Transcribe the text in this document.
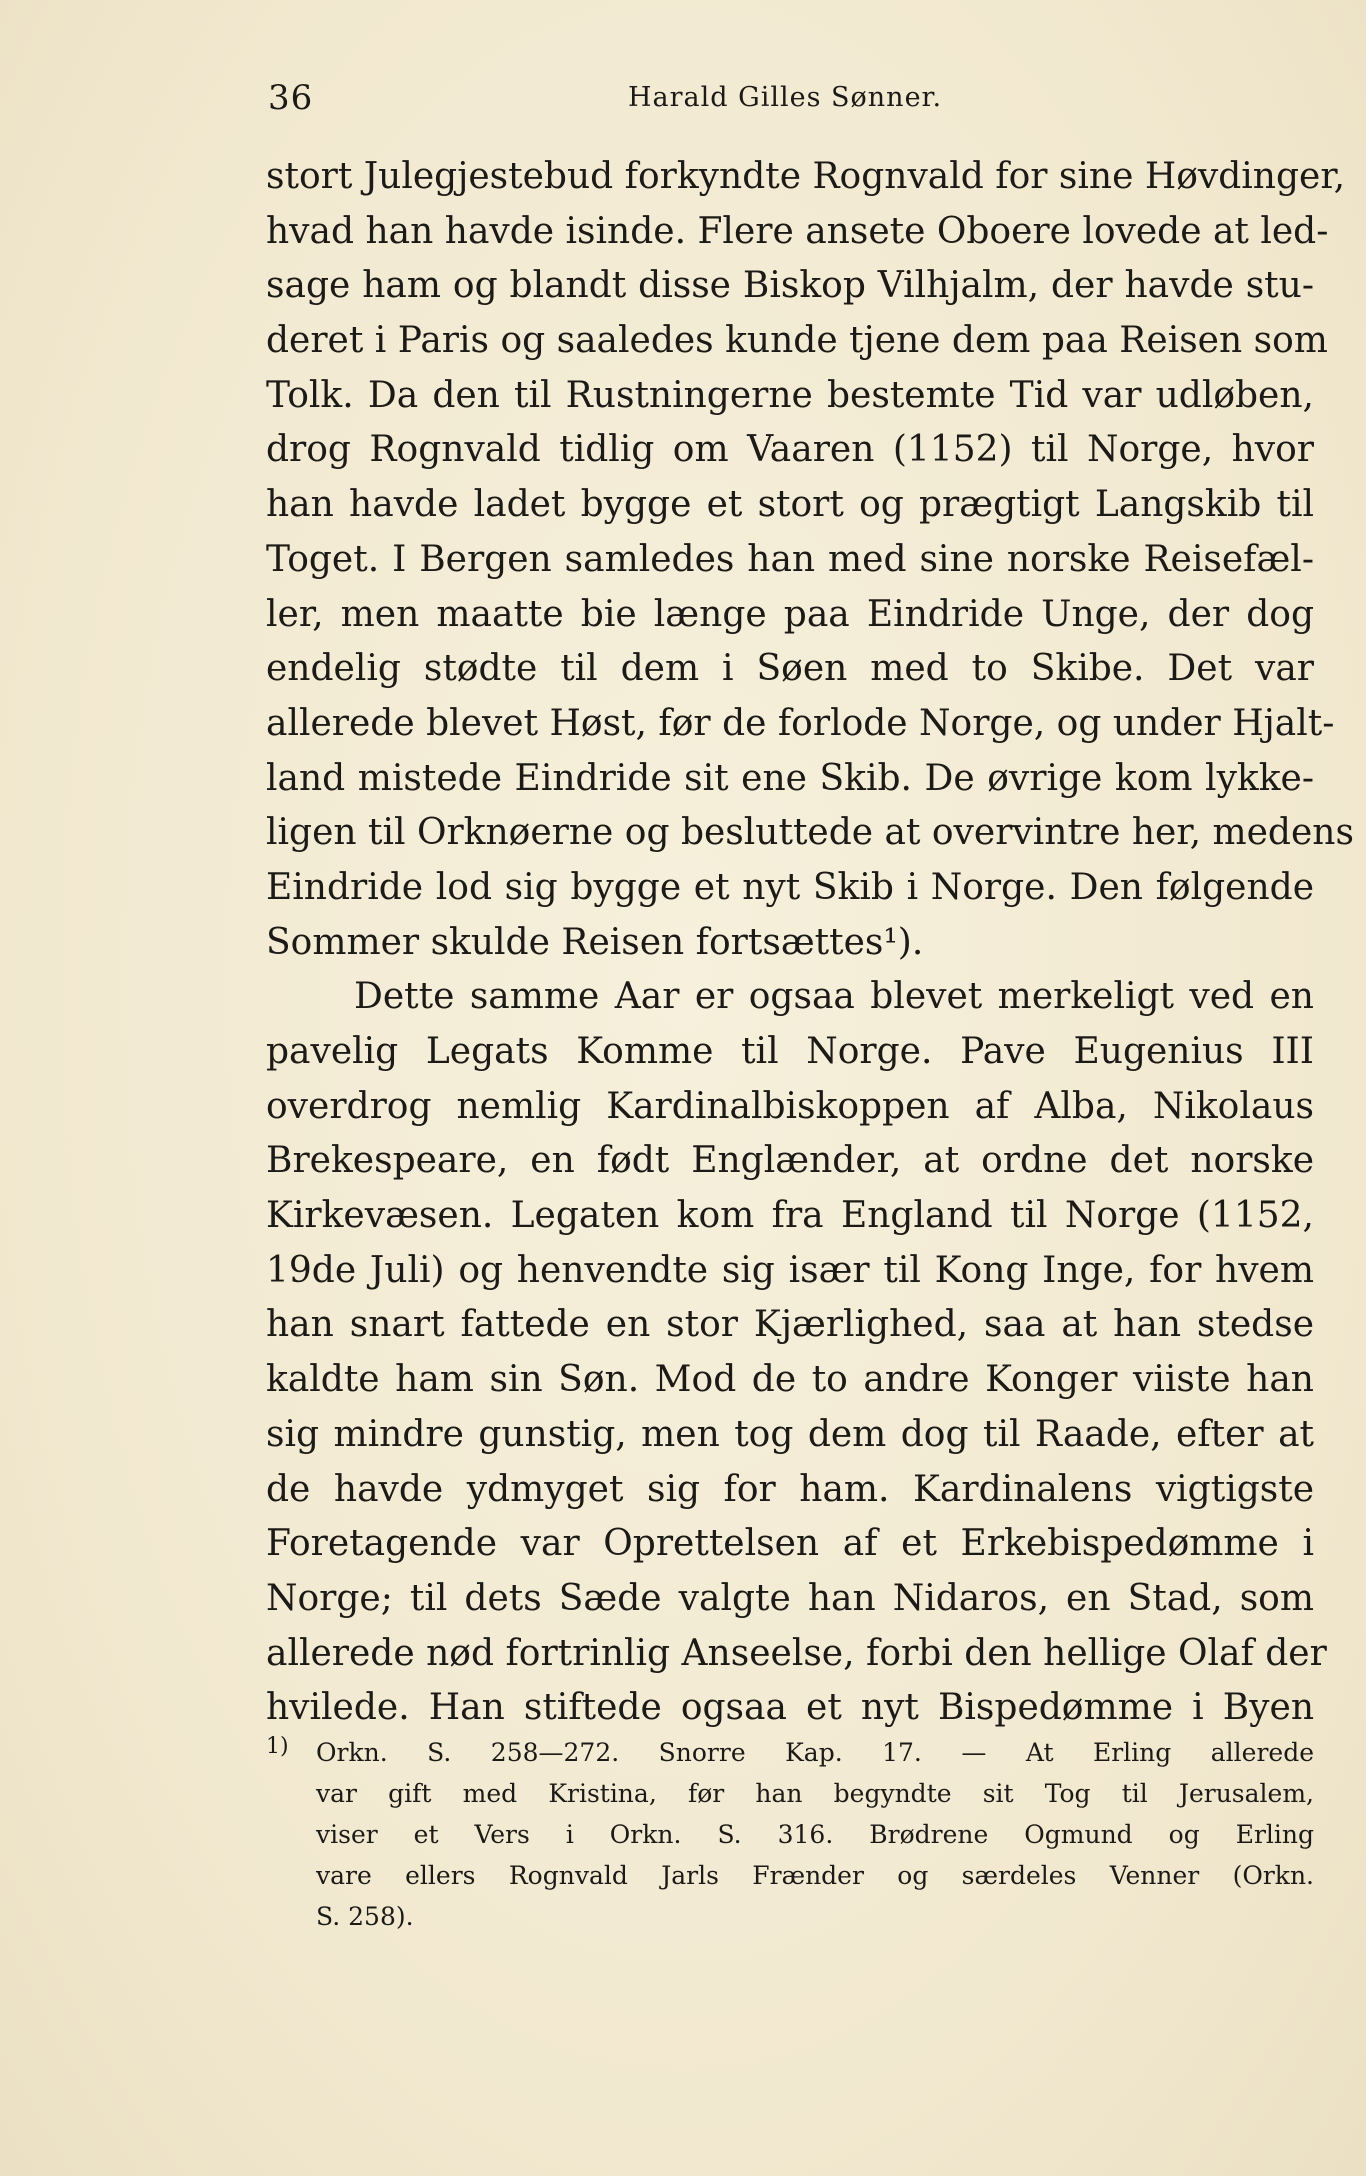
36	Harald Gilles Sønner.
stort Julegjestebud forkyndte Rognvald for sine Høvdinger,
hvad han havde isinde. Flere ansete Oboere lovede at led-
sage ham og blandt disse Biskop Vilhjalm, der havde stu-
deret i Paris og saaledes kunde tjene dem paa Reisen som
Tolk. Da den til Rustningerne bestemte Tid var udløben,
drog Rognvald tidlig om Vaaren (1152) til Norge, hvor
han havde ladet bygge et stort og prægtigt Langskib til
Toget. I Bergen samledes han med sine norske Reisefæl-
ler, men maatte bie længe paa Eindride Unge, der dog
endelig stødte til dem i Søen med to Skibe. Det var
allerede blevet Høst, før de forlode Norge, og under Hjalt-
land mistede Eindride sit ene Skib. De øvrige kom lykke-
ligen til Orknøerne og besluttede at overvintre her, medens
Eindride lod sig bygge et nyt Skib i Norge. Den følgende
Sommer skulde Reisen fortsættes¹).
Dette samme Aar er ogsaa blevet merkeligt ved en
pavelig Legats Komme til Norge. Pave Eugenius III
overdrog nemlig Kardinalbiskoppen af Alba, Nikolaus
Brekespeare, en født Englænder, at ordne det norske
Kirkevæsen. Legaten kom fra England til Norge (1152,
19de Juli) og henvendte sig især til Kong Inge, for hvem
han snart fattede en stor Kjærlighed, saa at han stedse
kaldte ham sin Søn. Mod de to andre Konger viiste han
sig mindre gunstig, men tog dem dog til Raade, efter at
de havde ydmyget sig for ham. Kardinalens vigtigste
Foretagende var Oprettelsen af et Erkebispedømme i
Norge; til dets Sæde valgte han Nidaros, en Stad, som
allerede nød fortrinlig Anseelse, forbi den hellige Olaf der
hvilede. Han stiftede ogsaa et nyt Bispedømme i Byen
1) Orkn. S. 258—272. Snorre Kap. 17. — At Erling allerede
var gift med Kristina, før han begyndte sit Tog til Jerusalem,
viser et Vers i Orkn. S. 316. Brødrene Ogmund og Erling
vare ellers Rognvald Jarls Frænder og særdeles Venner (Orkn.
S. 258).
